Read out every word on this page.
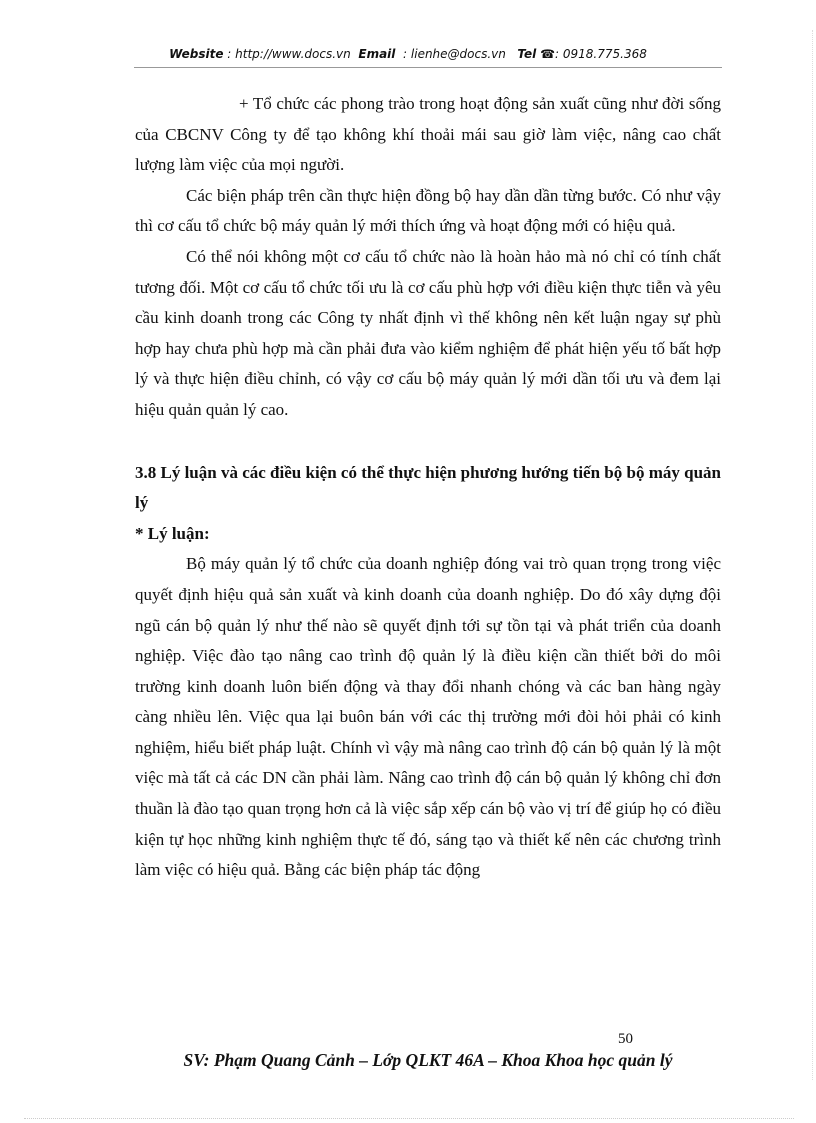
Website : http://www.docs.vn Email : lienhe@docs.vn Tel ☎: 0918.775.368

+ Tổ chức các phong trào trong hoạt động sản xuất cũng như đời sống của CBCNV Công ty để tạo không khí thoải mái sau giờ làm việc, nâng cao chất lượng làm việc của mọi người.

Các biện pháp trên cần thực hiện đồng bộ hay dần dần từng bước. Có như vậy thì cơ cấu tổ chức bộ máy quản lý mới thích ứng và hoạt động mới có hiệu quả.

Có thể nói không một cơ cấu tổ chức nào là hoàn hảo mà nó chỉ có tính chất tương đối. Một cơ cấu tổ chức tối ưu là cơ cấu phù hợp với điều kiện thực tiễn và yêu cầu kinh doanh trong các Công ty nhất định vì thế không nên kết luận ngay sự phù hợp hay chưa phù hợp mà cần phải đưa vào kiểm nghiệm để phát hiện yếu tố bất hợp lý và thực hiện điều chỉnh, có vậy cơ cấu bộ máy quản lý mới dần tối ưu và đem lại hiệu quản quản lý cao.

3.8 Lý luận và các điều kiện có thể thực hiện phương hướng tiến bộ bộ máy quản lý
* Lý luận:

Bộ máy quản lý tổ chức của doanh nghiệp đóng vai trò quan trọng trong việc quyết định hiệu quả sản xuất và kinh doanh của doanh nghiệp. Do đó xây dựng đội ngũ cán bộ quản lý như thế nào sẽ quyết định tới sự tồn tại và phát triển của doanh nghiệp. Việc đào tạo nâng cao trình độ quản lý là điều kiện cần thiết bởi do môi trường kinh doanh luôn biến động và thay đổi nhanh chóng và các ban hàng ngày càng nhiều lên. Việc qua lại buôn bán với các thị trường mới đòi hỏi phải có kinh nghiệm, hiểu biết pháp luật. Chính vì vậy mà nâng cao trình độ cán bộ quản lý là một việc mà tất cả các DN cần phải làm. Nâng cao trình độ cán bộ quản lý không chỉ đơn thuần là đào tạo quan trọng hơn cả là việc sắp xếp cán bộ vào vị trí để giúp họ có điều kiện tự học những kinh nghiệm thực tế đó, sáng tạo và thiết kế nên các chương trình làm việc có hiệu quả. Bằng các biện pháp tác động

50
SV: Phạm Quang Cảnh – Lớp QLKT 46A – Khoa Khoa học quản lý
